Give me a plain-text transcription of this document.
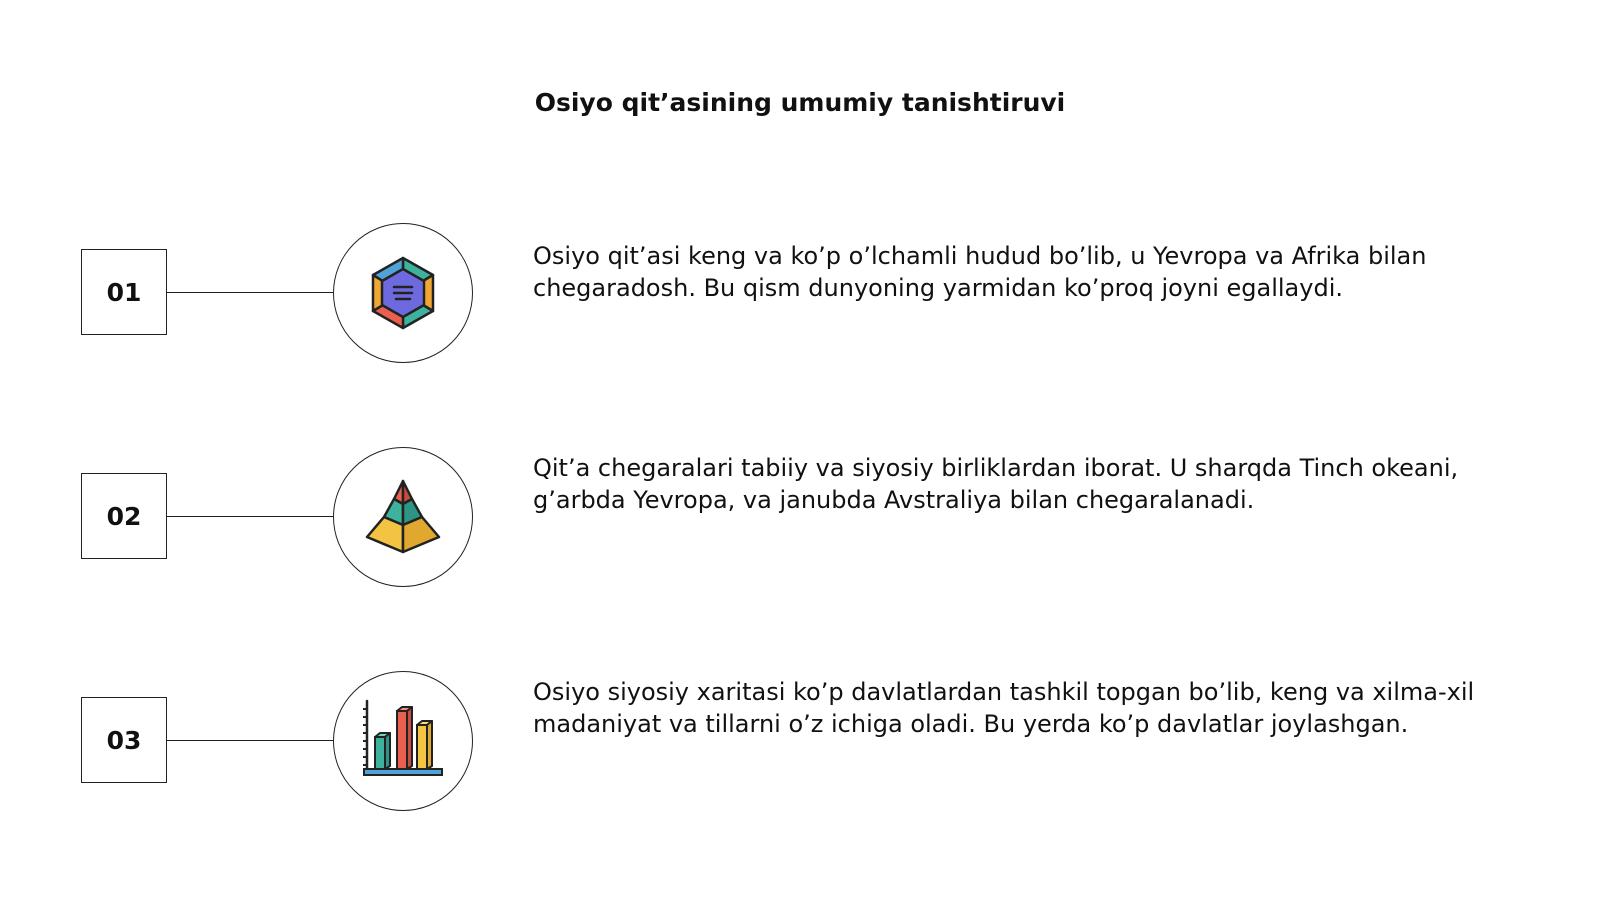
Osiyo qit’asining umumiy tanishtiruvi
01
Osiyo qit’asi keng va ko’p o’lchamli hudud bo’lib, u Yevropa va Afrika bilan chegaradosh. Bu qism dunyoning yarmidan ko’proq joyni egallaydi.
02
Qit’a chegaralari tabiiy va siyosiy birliklardan iborat. U sharqda Tinch okeani, g’arbda Yevropa, va janubda Avstraliya bilan chegaralanadi.
03
Osiyo siyosiy xaritasi ko’p davlatlardan tashkil topgan bo’lib, keng va xilma-xil madaniyat va tillarni o’z ichiga oladi. Bu yerda ko’p davlatlar joylashgan.
